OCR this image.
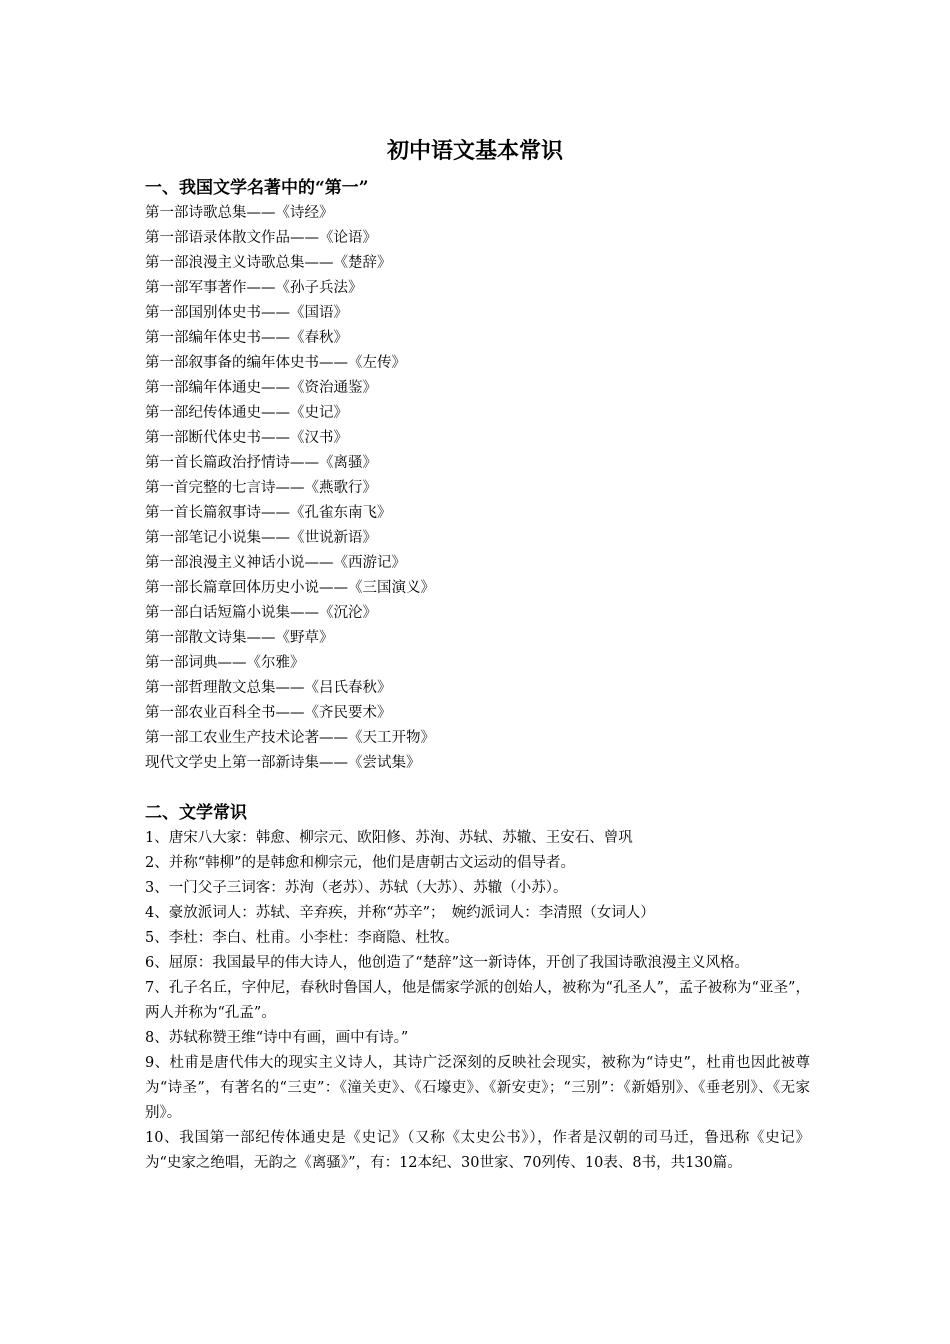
初中语文基本常识

一、我国文学名著中的“第一”

第一部诗歌总集——《诗经》

第一部语录体散文作品——《论语》

第一部浪漫主义诗歌总集——《楚辞》

第一部军事著作——《孙子兵法》

第一部国别体史书——《国语》

第一部编年体史书——《春秋》

第一部叙事备的编年体史书——《左传》

第一部编年体通史——《资治通鉴》

第一部纪传体通史——《史记》

第一部断代体史书——《汉书》

第一首长篇政治抒情诗——《离骚》

第一首完整的七言诗——《燕歌行》

第一首长篇叙事诗——《孔雀东南飞》

第一部笔记小说集——《世说新语》

第一部浪漫主义神话小说——《西游记》

第一部长篇章回体历史小说——《三国演义》

第一部白话短篇小说集——《沉沦》

第一部散文诗集——《野草》

第一部词典——《尔雅》

第一部哲理散文总集——《吕氏春秋》

第一部农业百科全书——《齐民要术》

第一部工农业生产技术论著——《天工开物》

现代文学史上第一部新诗集——《尝试集》

二、文学常识

1、唐宋八大家：韩愈、柳宗元、欧阳修、苏洵、苏轼、苏辙、王安石、曾巩

2、并称“韩柳”的是韩愈和柳宗元，他们是唐朝古文运动的倡导者。

3、一门父子三词客：苏洵（老苏）、苏轼（大苏）、苏辙（小苏）。

4、豪放派词人：苏轼、辛弃疾，并称“苏辛”；　婉约派词人：李清照（女词人）

5、李杜：李白、杜甫。小李杜：李商隐、杜牧。

6、屈原：我国最早的伟大诗人，他创造了“楚辞”这一新诗体，开创了我国诗歌浪漫主义风格。

7、孔子名丘，字仲尼，春秋时鲁国人，他是儒家学派的创始人，被称为“孔圣人”，孟子被称为“亚圣”，两人并称为“孔孟”。

8、苏轼称赞王维“诗中有画，画中有诗。”

9、杜甫是唐代伟大的现实主义诗人，其诗广泛深刻的反映社会现实，被称为“诗史”，杜甫也因此被尊为“诗圣”，有著名的“三吏”：《潼关吏》、《石壕吏》、《新安吏》；“三别”：《新婚别》、《垂老别》、《无家别》。

10、我国第一部纪传体通史是《史记》（又称《太史公书》），作者是汉朝的司马迁，鲁迅称《史记》为“史家之绝唱，无韵之《离骚》”，有：12本纪、30世家、70列传、10表、8书，共130篇。
